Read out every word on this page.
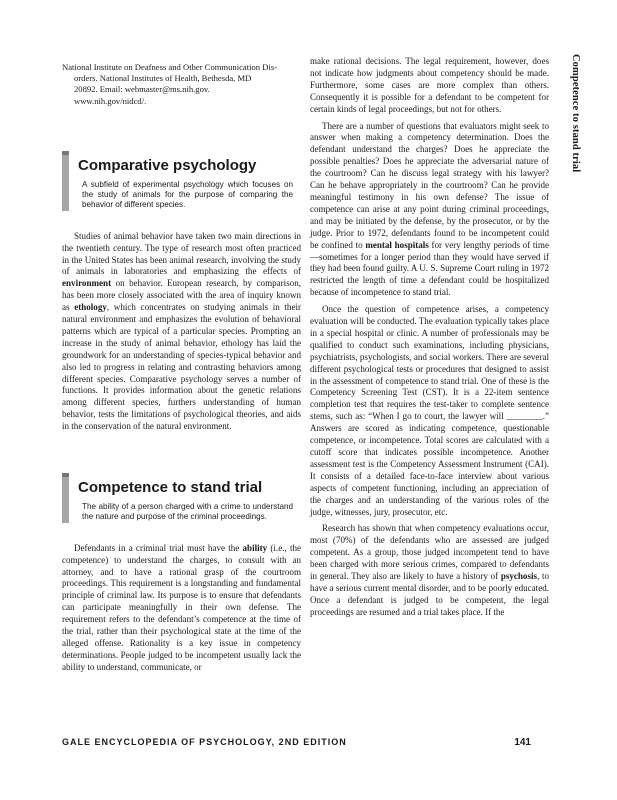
Competence to stand trial
National Institute on Deafness and Other Communication Dis-
orders. National Institutes of Health, Bethesda, MD
20892. Email: webmaster@ms.nih.gov.
www.nih.gov/nidcd/.
Comparative psychology
A subfield of experimental psychology which focuses on the study of animals for the purpose of comparing the behavior of different species.

Studies of animal behavior have taken two main directions in the twentieth century. The type of research most often practiced in the United States has been animal research, involving the study of animals in laboratories and emphasizing the effects of environment on behavior. European research, by comparison, has been more closely associated with the area of inquiry known as ethology, which concentrates on studying animals in their natural environment and emphasizes the evolution of behavioral patterns which are typical of a particular species. Prompting an increase in the study of animal behavior, ethology has laid the groundwork for an understanding of species-typical behavior and also led to progress in relating and contrasting behaviors among different species. Comparative psychology serves a number of functions. It provides information about the genetic relations among different species, furthers understanding of human behavior, tests the limitations of psychological theories, and aids in the conservation of the natural environment.

Competence to stand trial
The ability of a person charged with a crime to understand the nature and purpose of the criminal proceedings.

Defendants in a criminal trial must have the ability (i.e., the competence) to understand the charges, to consult with an attorney, and to have a rational grasp of the courtroom proceedings. This requirement is a longstanding and fundamental principle of criminal law. Its purpose is to ensure that defendants can participate meaningfully in their own defense. The requirement refers to the defendant’s competence at the time of the trial, rather than their psychological state at the time of the alleged offense. Rationality is a key issue in competency determinations. People judged to be incompetent usually lack the ability to understand, communicate, or

make rational decisions. The legal requirement, however, does not indicate how judgments about competency should be made. Furthermore, some cases are more complex than others. Consequently it is possible for a defendant to be competent for certain kinds of legal proceedings, but not for others.

There are a number of questions that evaluators might seek to answer when making a competency determination. Does the defendant understand the charges? Does he appreciate the possible penalties? Does he appreciate the adversarial nature of the courtroom? Can he discuss legal strategy with his lawyer? Can he behave appropriately in the courtroom? Can he provide meaningful testimony in his own defense? The issue of competence can arise at any point during criminal proceedings, and may be initiated by the defense, by the prosecutor, or by the judge. Prior to 1972, defendants found to be incompetent could be confined to mental hospitals for very lengthy periods of time—sometimes for a longer period than they would have served if they had been found guilty. A U. S. Supreme Court ruling in 1972 restricted the length of time a defendant could be hospitalized because of incompetence to stand trial.

Once the question of competence arises, a competency evaluation will be conducted. The evaluation typically takes place in a special hospital or clinic. A number of professionals may be qualified to conduct such examinations, including physicians, psychiatrists, psychologists, and social workers. There are several different psychological tests or procedures that designed to assist in the assessment of competence to stand trial. One of these is the Competency Screening Test (CST). It is a 22-item sentence completion test that requires the test-taker to complete sentence stems, such as: “When I go to court, the lawyer will ________.” Answers are scored as indicating competence, questionable competence, or incompetence. Total scores are calculated with a cutoff score that indicates possible incompetence. Another assessment test is the Competency Assessment Instrument (CAI). It consists of a detailed face-to-face interview about various aspects of competent functioning, including an appreciation of the charges and an understanding of the various roles of the judge, witnesses, jury, prosecutor, etc.

Research has shown that when competency evaluations occur, most (70%) of the defendants who are assessed are judged competent. As a group, those judged incompetent tend to have been charged with more serious crimes, compared to defendants in general. They also are likely to have a history of psychosis, to have a serious current mental disorder, and to be poorly educated. Once a defendant is judged to be competent, the legal proceedings are resumed and a trial takes place. If the

GALE ENCYCLOPEDIA OF PSYCHOLOGY, 2ND EDITION	141
